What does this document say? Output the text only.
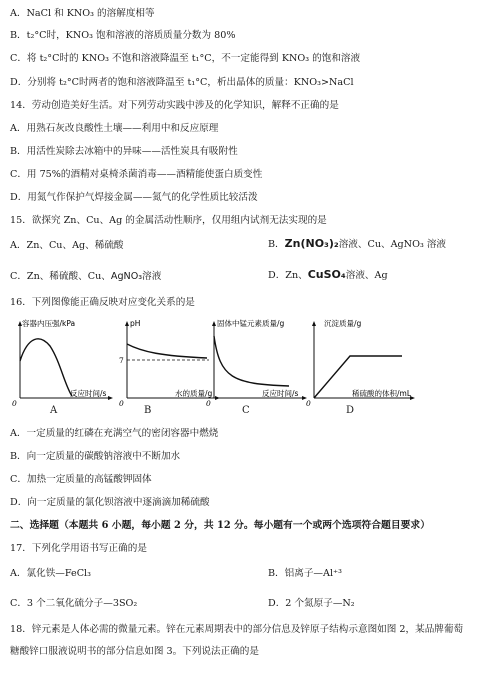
A．NaCl 和 KNO₃ 的溶解度相等
B．t₂°C时，KNO₃ 饱和溶液的溶质质量分数为 80%
C．将 t₂°C时的 KNO₃ 不饱和溶液降温至 t₁°C，不一定能得到 KNO₃ 的饱和溶液
D．分别将 t₂°C时两者的饱和溶液降温至 t₁°C，析出晶体的质量：KNO₃>NaCl
14．劳动创造美好生活。对下列劳动实践中涉及的化学知识，解释不正确的是
A．用熟石灰改良酸性土壤——利用中和反应原理
B．用活性炭除去冰箱中的异味——活性炭具有吸附性
C．用 75%的酒精对桌椅杀菌消毒——酒精能使蛋白质变性
D．用氮气作保护气焊接金属——氮气的化学性质比较活泼
15．欲探究 Zn、Cu、Ag 的金属活动性顺序，仅用组内试剂无法实现的是
A．Zn、Cu、Ag、稀硫酸	B．Zn(NO₃)₂溶液、Cu、AgNO₃ 溶液
C．Zn、稀硫酸、Cu、AgNO₃溶液	D．Zn、CuSO₄溶液、Ag
16．下列图像能正确反映对应变化关系的是
容器内压强/kPa
反应时间/s
0
A
pH
7
水的质量/g
0
B
固体中锰元素质量/g
反应时间/s
0
C
沉淀质量/g
稀硫酸的体积/mL
0
D
A．一定质量的红磷在充满空气的密闭容器中燃烧
B．向一定质量的碳酸钠溶液中不断加水
C．加热一定质量的高锰酸钾固体
D．向一定质量的氯化钡溶液中逐滴滴加稀硫酸
二、选择题（本题共 6 小题，每小题 2 分，共 12 分。每小题有一个或两个选项符合题目要求）
17．下列化学用语书写正确的是
A．氯化铁—FeCl₃	B．铝离子—Al⁺³
C．3 个二氧化硫分子—3SO₂	D．2 个氮原子—N₂
18．锌元素是人体必需的微量元素。锌在元素周期表中的部分信息及锌原子结构示意图如图 2，某品牌葡萄
糖酸锌口服液说明书的部分信息如图 3。下列说法正确的是
